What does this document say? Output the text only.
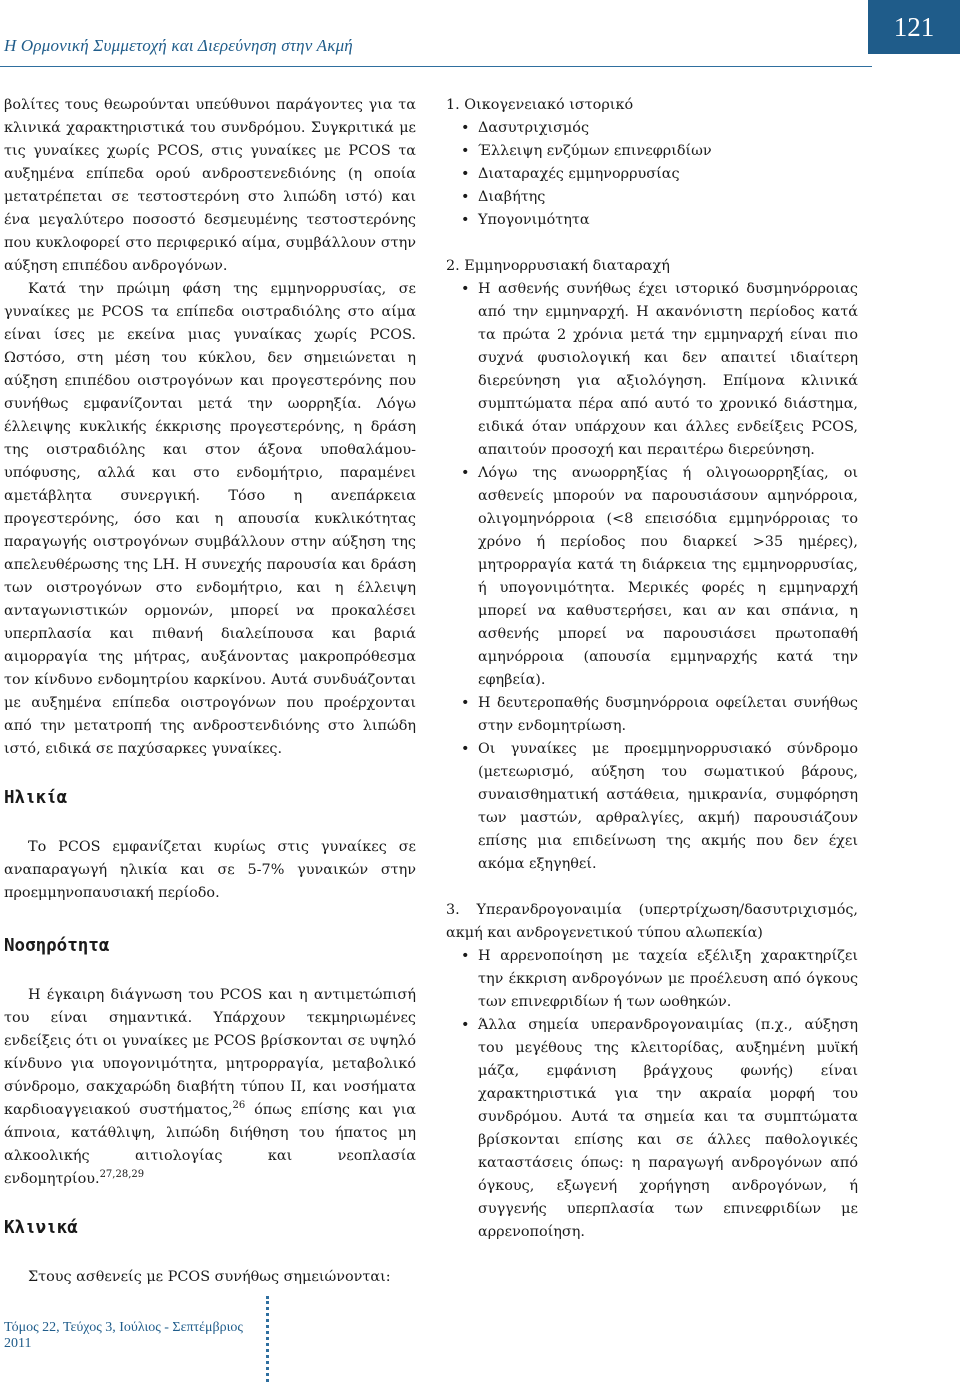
Η Ορμονική Συμμετοχή και Διερεύνηση στην Ακμή
121

βολίτες τους θεωρούνται υπεύθυνοι παράγοντες για τα κλινικά χαρακτηριστικά του συνδρόμου. Συγκριτικά με τις γυναίκες χωρίς PCOS, στις γυναίκες με PCOS τα αυξημένα επίπεδα ορού ανδροστενεδιόνης (η οποία μετατρέπεται σε τεστοστερόνη στο λιπώδη ιστό) και ένα μεγαλύτερο ποσοστό δεσμευμένης τεστοστερόνης που κυκλοφορεί στο περιφερικό αίμα, συμβάλλουν στην αύξηση επιπέδου ανδρογόνων.

Κατά την πρώιμη φάση της εμμηνορρυσίας, σε γυναίκες με PCOS τα επίπεδα οιστραδιόλης στο αίμα είναι ίσες με εκείνα μιας γυναίκας χωρίς PCOS. Ωστόσο, στη μέση του κύκλου, δεν σημειώνεται η αύξηση επιπέδου οιστρογόνων και προγεστερόνης που συνήθως εμφανίζονται μετά την ωορρηξία. Λόγω έλλειψης κυκλικής έκκρισης προγεστερόνης, η δράση της οιστραδιόλης και στον άξονα υποθαλάμου-υπόφυσης, αλλά και στο ενδομήτριο, παραμένει αμετάβλητα συνεργική. Τόσο η ανεπάρκεια προγεστερόνης, όσο και η απουσία κυκλικότητας παραγωγής οιστρογόνων συμβάλλουν στην αύξηση της απελευθέρωσης της LH. Η συνεχής παρουσία και δράση των οιστρογόνων στο ενδομήτριο, και η έλλειψη ανταγωνιστικών ορμονών, μπορεί να προκαλέσει υπερπλασία και πιθανή διαλείπουσα και βαριά αιμορραγία της μήτρας, αυξάνοντας μακροπρόθεσμα τον κίνδυνο ενδομητρίου καρκίνου. Αυτά συνδυάζονται με αυξημένα επίπεδα οιστρογόνων που προέρχονται από την μετατροπή της ανδροστενδιόνης στο λιπώδη ιστό, ειδικά σε παχύσαρκες γυναίκες.

Ηλικία

Το PCOS εμφανίζεται κυρίως στις γυναίκες σε αναπαραγωγή ηλικία και σε 5-7% γυναικών στην προεμμηνοπαυσιακή περίοδο.

Νοσηρότητα

Η έγκαιρη διάγνωση του PCOS και η αντιμετώπισή του είναι σημαντικά. Υπάρχουν τεκμηριωμένες ενδείξεις ότι οι γυναίκες με PCOS βρίσκονται σε υψηλό κίνδυνο για υπογονιμότητα, μητρορραγία, μεταβολικό σύνδρομο, σακχαρώδη διαβήτη τύπου ΙΙ, και νοσήματα καρδιοαγγειακού συστήματος,$^{26}$ όπως επίσης και για άπνοια, κατάθλιψη, λιπώδη διήθηση του ήπατος μη αλκοολικής αιτιολογίας και νεοπλασία ενδομητρίου.$^{27,28,29}$

Κλινικά

Στους ασθενείς με PCOS συνήθως σημειώνονται:

1. Οικογενειακό ιστορικό

• Δασυτριχισμός
• Έλλειψη ενζύμων επινεφριδίων
• Διαταραχές εμμηνορρυσίας
• Διαβήτης
• Υπογονιμότητα

2. Εμμηνορρυσιακή διαταραχή

• Η ασθενής συνήθως έχει ιστορικό δυσμηνόρροιας από την εμμηναρχή. Η ακανόνιστη περίοδος κατά τα πρώτα 2 χρόνια μετά την εμμηναρχή είναι πιο συχνά φυσιολογική και δεν απαιτεί ιδιαίτερη διερεύνηση για αξιολόγηση. Επίμονα κλινικά συμπτώματα πέρα από αυτό το χρονικό διάστημα, ειδικά όταν υπάρχουν και άλλες ενδείξεις PCOS, απαιτούν προσοχή και περαιτέρω διερεύνηση.
• Λόγω της ανωορρηξίας ή ολιγοωορρηξίας, οι ασθενείς μπορούν να παρουσιάσουν αμηνόρροια, ολιγομηνόρροια (<8 επεισόδια εμμηνόρροιας το χρόνο ή περίοδος που διαρκεί >35 ημέρες), μητρορραγία κατά τη διάρκεια της εμμηνορρυσίας, ή υπογονιμότητα. Μερικές φορές η εμμηναρχή μπορεί να καθυστερήσει, και αν και σπάνια, η ασθενής μπορεί να παρουσιάσει πρωτοπαθή αμηνόρροια (απουσία εμμηναρχής κατά την εφηβεία).
• Η δευτεροπαθής δυσμηνόρροια οφείλεται συνήθως στην ενδομητρίωση.
• Οι γυναίκες με προεμμηνορρυσιακό σύνδρομο (μετεωρισμό, αύξηση του σωματικού βάρους, συναισθηματική αστάθεια, ημικρανία, συμφόρηση των μαστών, αρθραλγίες, ακμή) παρουσιάζουν επίσης μια επιδείνωση της ακμής που δεν έχει ακόμα εξηγηθεί.

3. Υπερανδρογοναιμία (υπερτρίχωση/δασυτριχισμός, ακμή και ανδρογενετικού τύπου αλωπεκία)

• Η αρρενοποίηση με ταχεία εξέλιξη χαρακτηρίζει την έκκριση ανδρογόνων με προέλευση από όγκους των επινεφριδίων ή των ωοθηκών.
• Άλλα σημεία υπερανδρογοναιμίας (π.χ., αύξηση του μεγέθους της κλειτορίδας, αυξημένη μυϊκή μάζα, εμφάνιση βράγχους φωνής) είναι χαρακτηριστικά για την ακραία μορφή του συνδρόμου. Αυτά τα σημεία και τα συμπτώματα βρίσκονται επίσης και σε άλλες παθολογικές καταστάσεις όπως: η παραγωγή ανδρογόνων από όγκους, εξωγενή χορήγηση ανδρογόνων, ή συγγενής υπερπλασία των επινεφριδίων με αρρενοποίηση.
Τόμος 22, Τεύχος 3, Ιούλιος - Σεπτέμβριος 2011
